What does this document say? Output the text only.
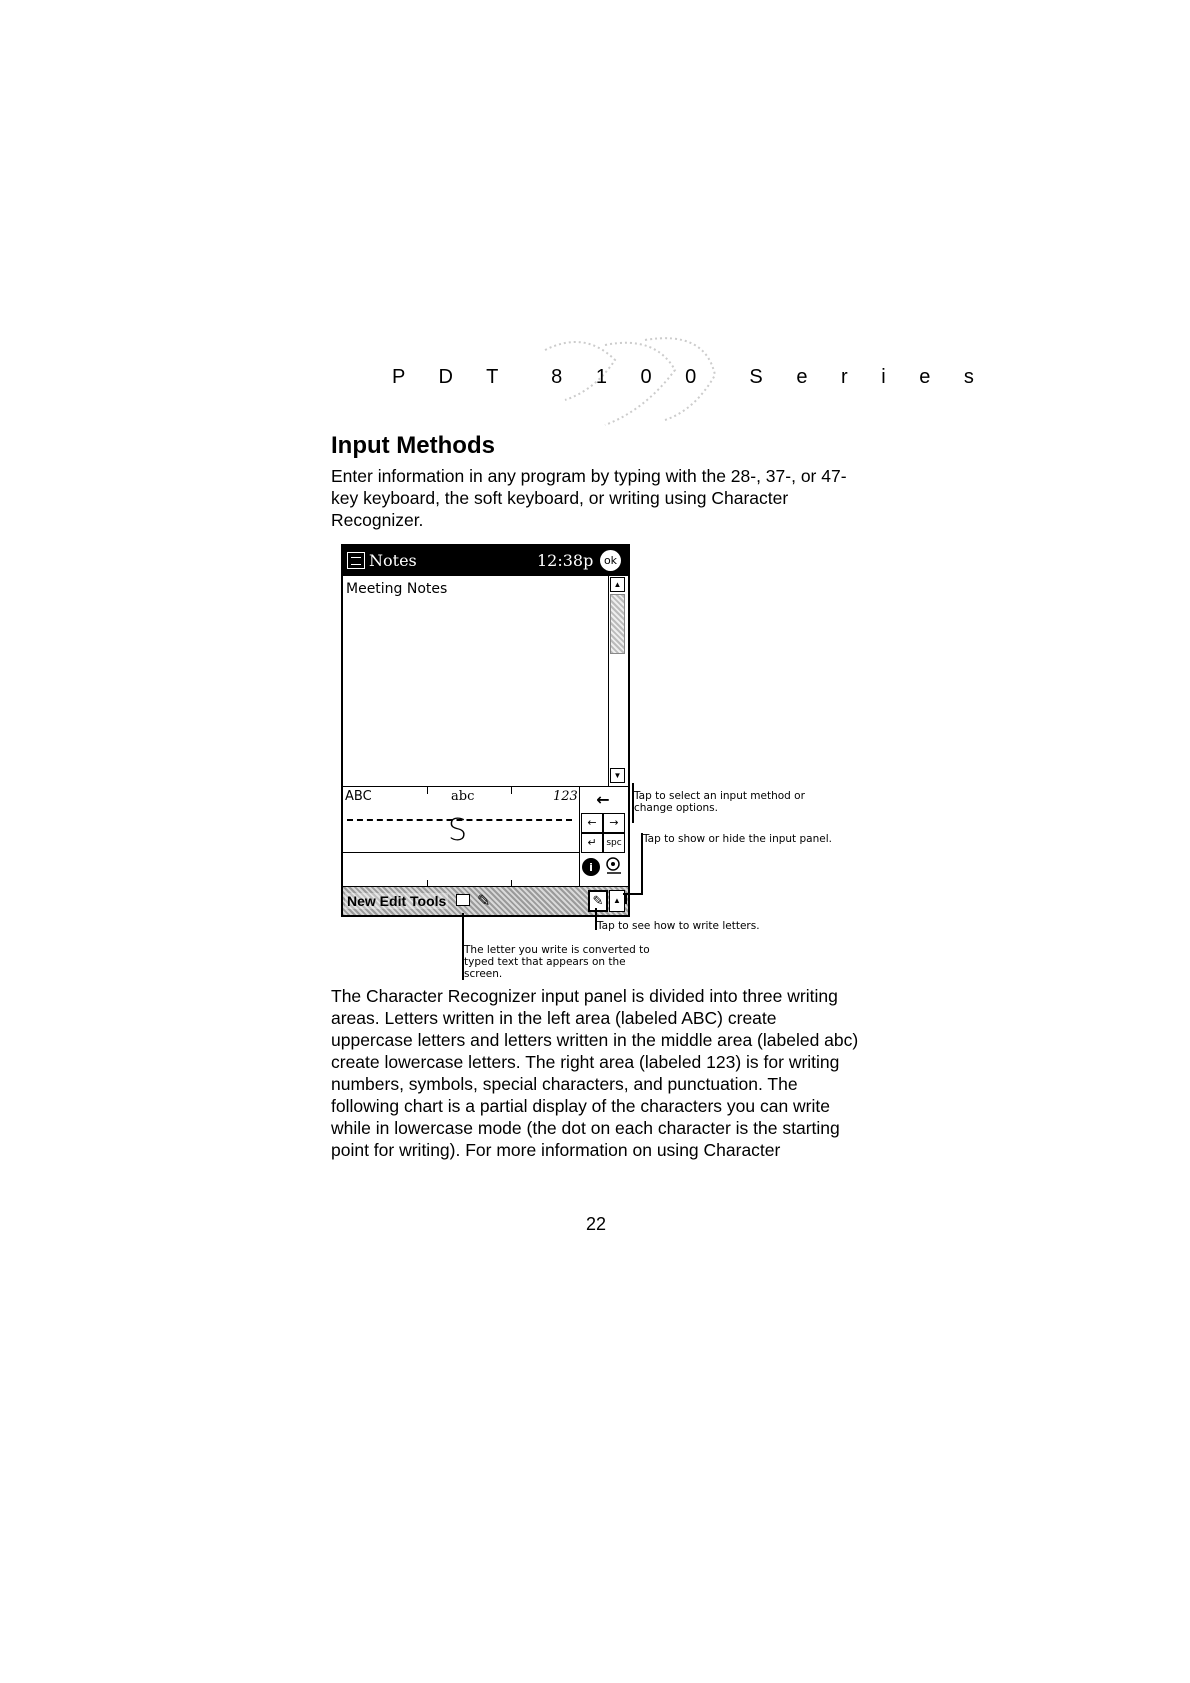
P D T  8 1 0 0  S e r i e s
Input Methods
Enter information in any program by typing with the 28-, 37-, or 47-key keyboard, the soft keyboard, or writing using Character Recognizer.
Notes	12:38p ok
Meeting Notes	▲
▼
ABC	abc	123
S
←
←	→
↵	spc
i
New Edit Tools ✎	✎	▲
Tap to select an input method or change options.
Tap to show or hide the input panel.
Tap to see how to write letters.
The letter you write is converted to typed text that appears on the screen.
The Character Recognizer input panel is divided into three writing areas. Letters written in the left area (labeled ABC) create uppercase letters and letters written in the middle area (labeled abc) create lowercase letters. The right area (labeled 123) is for writing numbers, symbols, special characters, and punctuation. The following chart is a partial display of the characters you can write while in lowercase mode (the dot on each character is the starting point for writing). For more information on using Character
22
